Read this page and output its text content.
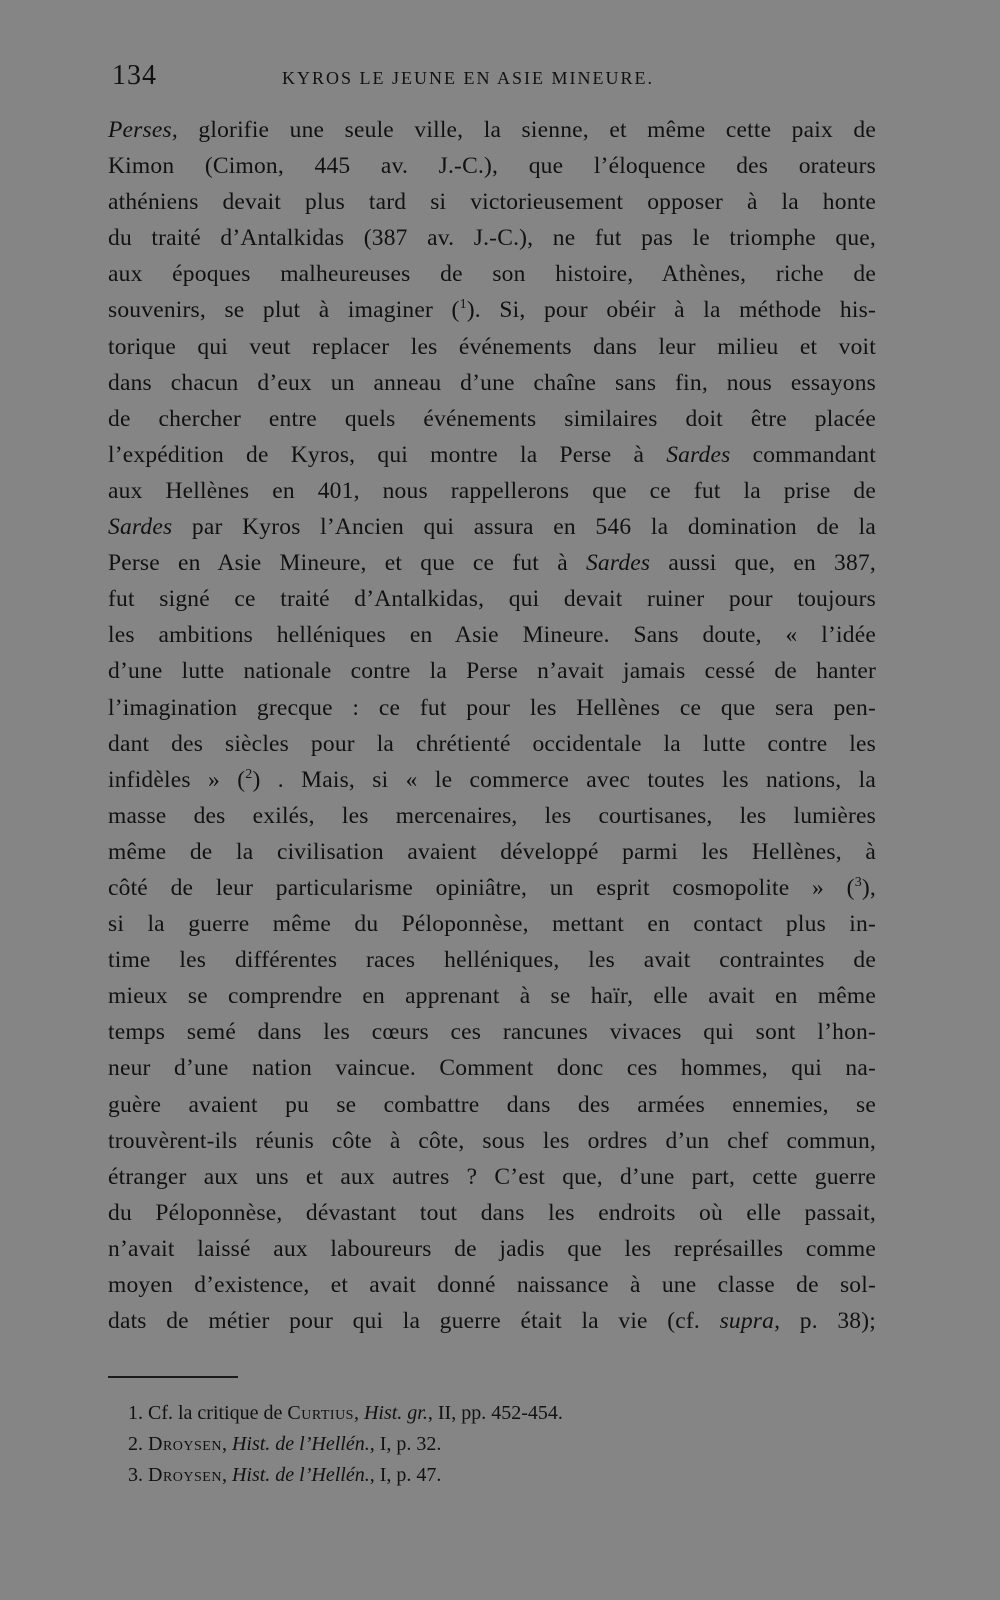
134	KYROS LE JEUNE EN ASIE MINEURE.
Perses, glorifie une seule ville, la sienne, et même cette paix de
Kimon (Cimon, 445 av. J.-C.), que l’éloquence des orateurs
athéniens devait plus tard si victorieusement opposer à la honte
du traité d’Antalkidas (387 av. J.-C.), ne fut pas le triomphe que,
aux époques malheureuses de son histoire, Athènes, riche de
souvenirs, se plut à imaginer ($^1$). Si, pour obéir à la méthode his-
torique qui veut replacer les événements dans leur milieu et voit
dans chacun d’eux un anneau d’une chaîne sans fin, nous essayons
de chercher entre quels événements similaires doit être placée
l’expédition de Kyros, qui montre la Perse à Sardes commandant
aux Hellènes en 401, nous rappellerons que ce fut la prise de
Sardes par Kyros l’Ancien qui assura en 546 la domination de la
Perse en Asie Mineure, et que ce fut à Sardes aussi que, en 387,
fut signé ce traité d’Antalkidas, qui devait ruiner pour toujours
les ambitions helléniques en Asie Mineure. Sans doute, « l’idée
d’une lutte nationale contre la Perse n’avait jamais cessé de hanter
l’imagination grecque : ce fut pour les Hellènes ce que sera pen-
dant des siècles pour la chrétienté occidentale la lutte contre les
infidèles » ($^2$) . Mais, si « le commerce avec toutes les nations, la
masse des exilés, les mercenaires, les courtisanes, les lumières
même de la civilisation avaient développé parmi les Hellènes, à
côté de leur particularisme opiniâtre, un esprit cosmopolite » ($^3$),
si la guerre même du Péloponnèse, mettant en contact plus in-
time les différentes races helléniques, les avait contraintes de
mieux se comprendre en apprenant à se haïr, elle avait en même
temps semé dans les cœurs ces rancunes vivaces qui sont l’hon-
neur d’une nation vaincue. Comment donc ces hommes, qui na-
guère avaient pu se combattre dans des armées ennemies, se
trouvèrent-ils réunis côte à côte, sous les ordres d’un chef commun,
étranger aux uns et aux autres ? C’est que, d’une part, cette guerre
du Péloponnèse, dévastant tout dans les endroits où elle passait,
n’avait laissé aux laboureurs de jadis que les représailles comme
moyen d’existence, et avait donné naissance à une classe de sol-
dats de métier pour qui la guerre était la vie (cf. supra, p. 38);
1. Cf. la critique de Curtius, Hist. gr., II, pp. 452-454.
2. Droysen, Hist. de l’Hellén., I, p. 32.
3. Droysen, Hist. de l’Hellén., I, p. 47.
